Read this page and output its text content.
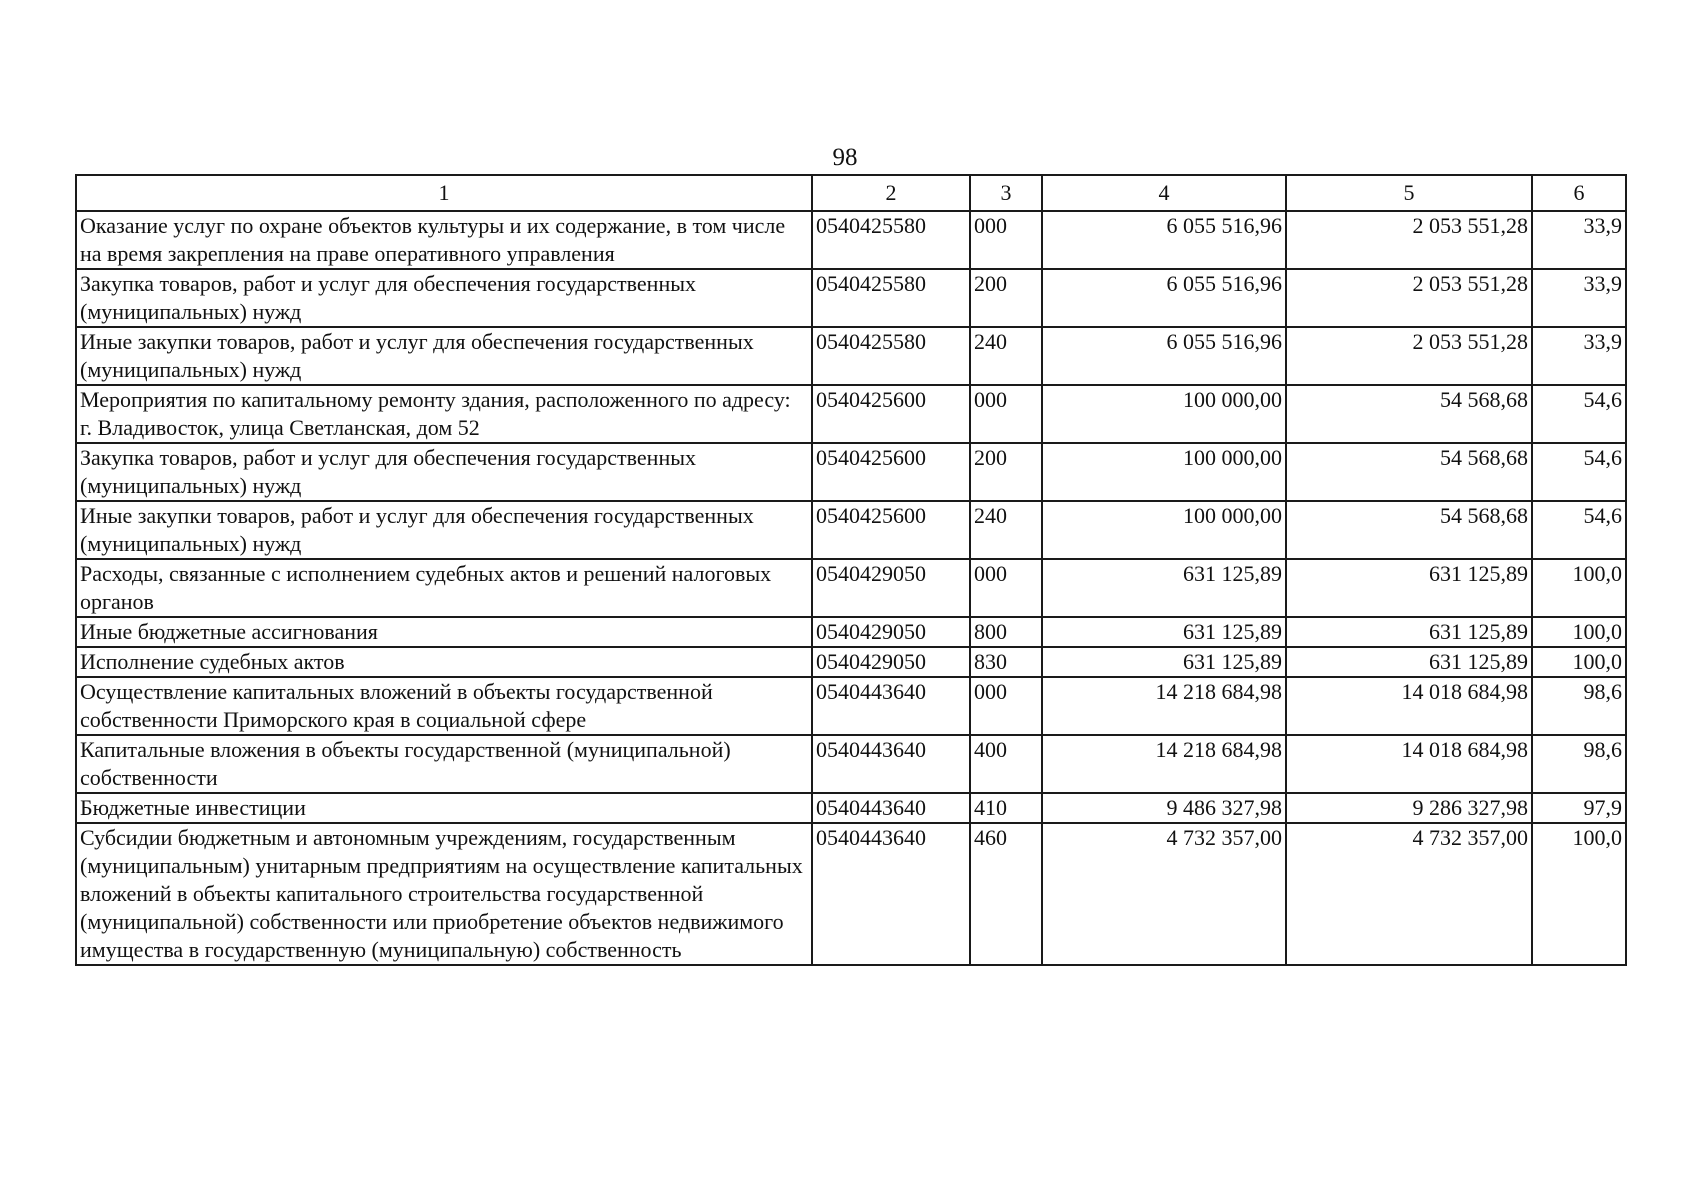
98
1	2	3	4	5	6
Оказание услуг по охране объектов культуры и их содержание, в том числе на время закрепления на праве оперативного управления	0540425580	000	6 055 516,96	2 053 551,28	33,9
Закупка товаров, работ и услуг для обеспечения государственных (муниципальных) нужд	0540425580	200	6 055 516,96	2 053 551,28	33,9
Иные закупки товаров, работ и услуг для обеспечения государственных (муниципальных) нужд	0540425580	240	6 055 516,96	2 053 551,28	33,9
Мероприятия по капитальному ремонту здания, расположенного по адресу: г. Владивосток, улица Светланская, дом 52	0540425600	000	100 000,00	54 568,68	54,6
Закупка товаров, работ и услуг для обеспечения государственных (муниципальных) нужд	0540425600	200	100 000,00	54 568,68	54,6
Иные закупки товаров, работ и услуг для обеспечения государственных (муниципальных) нужд	0540425600	240	100 000,00	54 568,68	54,6
Расходы, связанные с исполнением судебных актов и решений налоговых органов	0540429050	000	631 125,89	631 125,89	100,0
Иные бюджетные ассигнования	0540429050	800	631 125,89	631 125,89	100,0
Исполнение судебных актов	0540429050	830	631 125,89	631 125,89	100,0
Осуществление капитальных вложений в объекты государственной собственности Приморского края в социальной сфере	0540443640	000	14 218 684,98	14 018 684,98	98,6
Капитальные вложения в объекты государственной (муниципальной) собственности	0540443640	400	14 218 684,98	14 018 684,98	98,6
Бюджетные инвестиции	0540443640	410	9 486 327,98	9 286 327,98	97,9
Субсидии бюджетным и автономным учреждениям, государственным (муниципальным) унитарным предприятиям на осуществление капитальных вложений в объекты капитального строительства государственной (муниципальной) собственности или приобретение объектов недвижимого имущества в государственную (муниципальную) собственность	0540443640	460	4 732 357,00	4 732 357,00	100,0
